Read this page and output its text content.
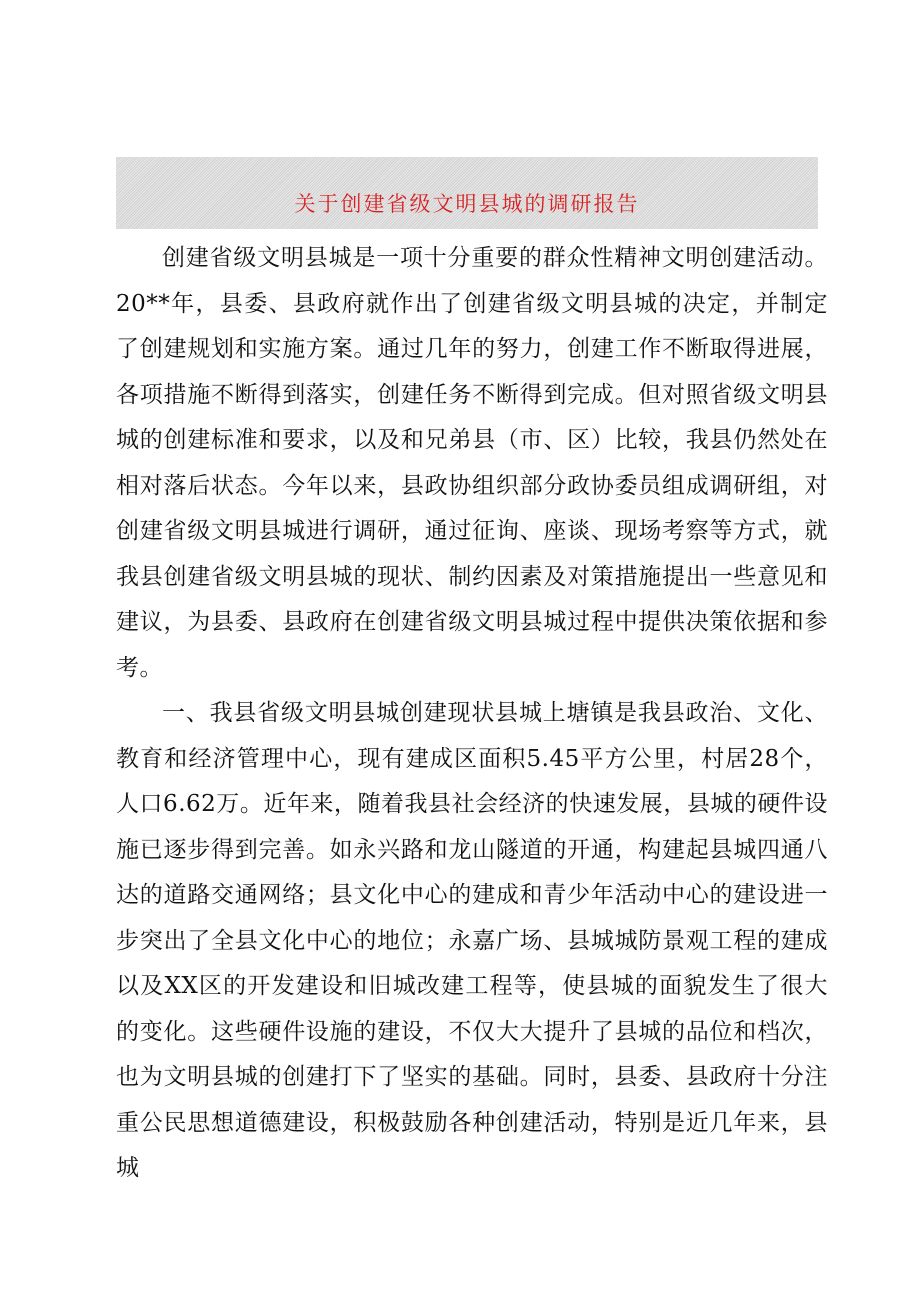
关于创建省级文明县城的调研报告

创建省级文明县城是一项十分重要的群众性精神文明创建活动。20**年，县委、县政府就作出了创建省级文明县城的决定，并制定了创建规划和实施方案。通过几年的努力，创建工作不断取得进展，各项措施不断得到落实，创建任务不断得到完成。但对照省级文明县城的创建标准和要求，以及和兄弟县（市、区）比较，我县仍然处在相对落后状态。今年以来，县政协组织部分政协委员组成调研组，对创建省级文明县城进行调研，通过征询、座谈、现场考察等方式，就我县创建省级文明县城的现状、制约因素及对策措施提出一些意见和建议，为县委、县政府在创建省级文明县城过程中提供决策依据和参考。

一、我县省级文明县城创建现状县城上塘镇是我县政治、文化、教育和经济管理中心，现有建成区面积5.45平方公里，村居28个，人口6.62万。近年来，随着我县社会经济的快速发展，县城的硬件设施已逐步得到完善。如永兴路和龙山隧道的开通，构建起县城四通八达的道路交通网络；县文化中心的建成和青少年活动中心的建设进一步突出了全县文化中心的地位；永嘉广场、县城城防景观工程的建成以及XX区的开发建设和旧城改建工程等，使县城的面貌发生了很大的变化。这些硬件设施的建设，不仅大大提升了县城的品位和档次，也为文明县城的创建打下了坚实的基础。同时，县委、县政府十分注重公民思想道德建设，积极鼓励各种创建活动，特别是近几年来，县城
